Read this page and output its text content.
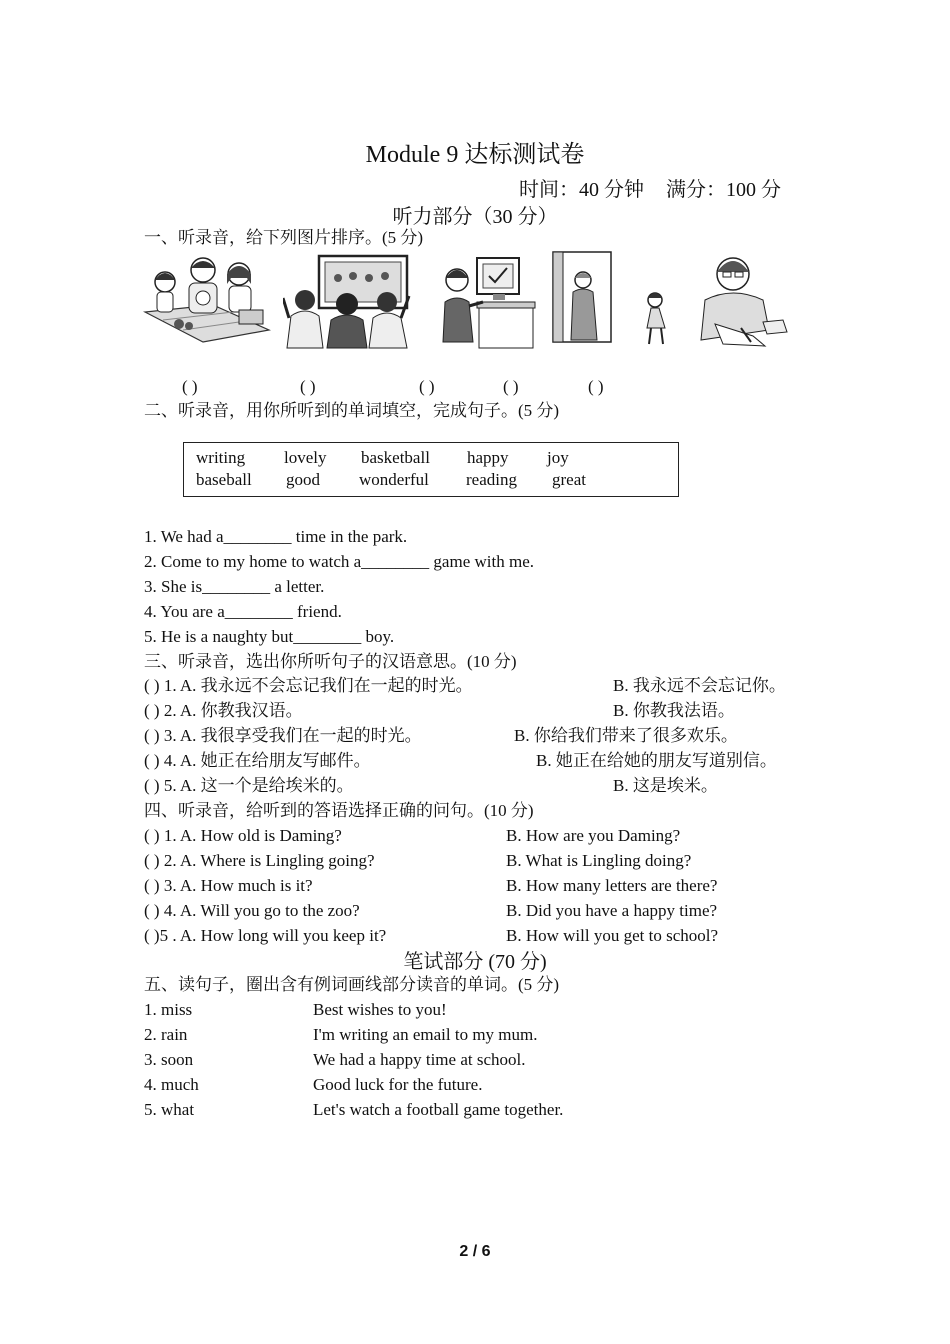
Module 9 达标测试卷
时间：40 分钟 满分：100 分
听力部分（30 分）
一、听录音，给下列图片排序。(5 分)
( )	( )	( )	( )	( )
二、听录音，用你所听到的单词填空，完成句子。(5 分)
writing	lovely	basketball	happy	joy
baseball	good	wonderful	reading	great
1. We had a________ time in the park.
2. Come to my home to watch a________ game with me.
3. She is________ a letter.
4. You are a________ friend.
5. He is a naughty but________ boy.
三、听录音，选出你所听句子的汉语意思。(10 分)
( ) 1. A. 我永远不会忘记我们在一起的时光。	B. 我永远不会忘记你。
( ) 2. A. 你教我汉语。	B. 你教我法语。
( ) 3. A. 我很享受我们在一起的时光。	B. 你给我们带来了很多欢乐。
( ) 4. A. 她正在给朋友写邮件。	B. 她正在给她的朋友写道别信。
( ) 5. A. 这一个是给埃米的。	B. 这是埃米。
四、听录音，给听到的答语选择正确的问句。(10 分)
( ) 1. A. How old is Daming?	B. How are you Daming?
( ) 2. A. Where is Lingling going?	B. What is Lingling doing?
( ) 3. A. How much is it?	B. How many letters are there?
( ) 4. A. Will you go to the zoo?	B. Did you have a happy time?
( )5 . A. How long will you keep it?	B. How will you get to school?
笔试部分 (70 分)
五、读句子，圈出含有例词画线部分读音的单词。(5 分)
1. miss	Best wishes to you!
2. rain	I'm writing an email to my mum.
3. soon	We had a happy time at school.
4. much	Good luck for the future.
5. what	Let's watch a football game together.
2 / 6
